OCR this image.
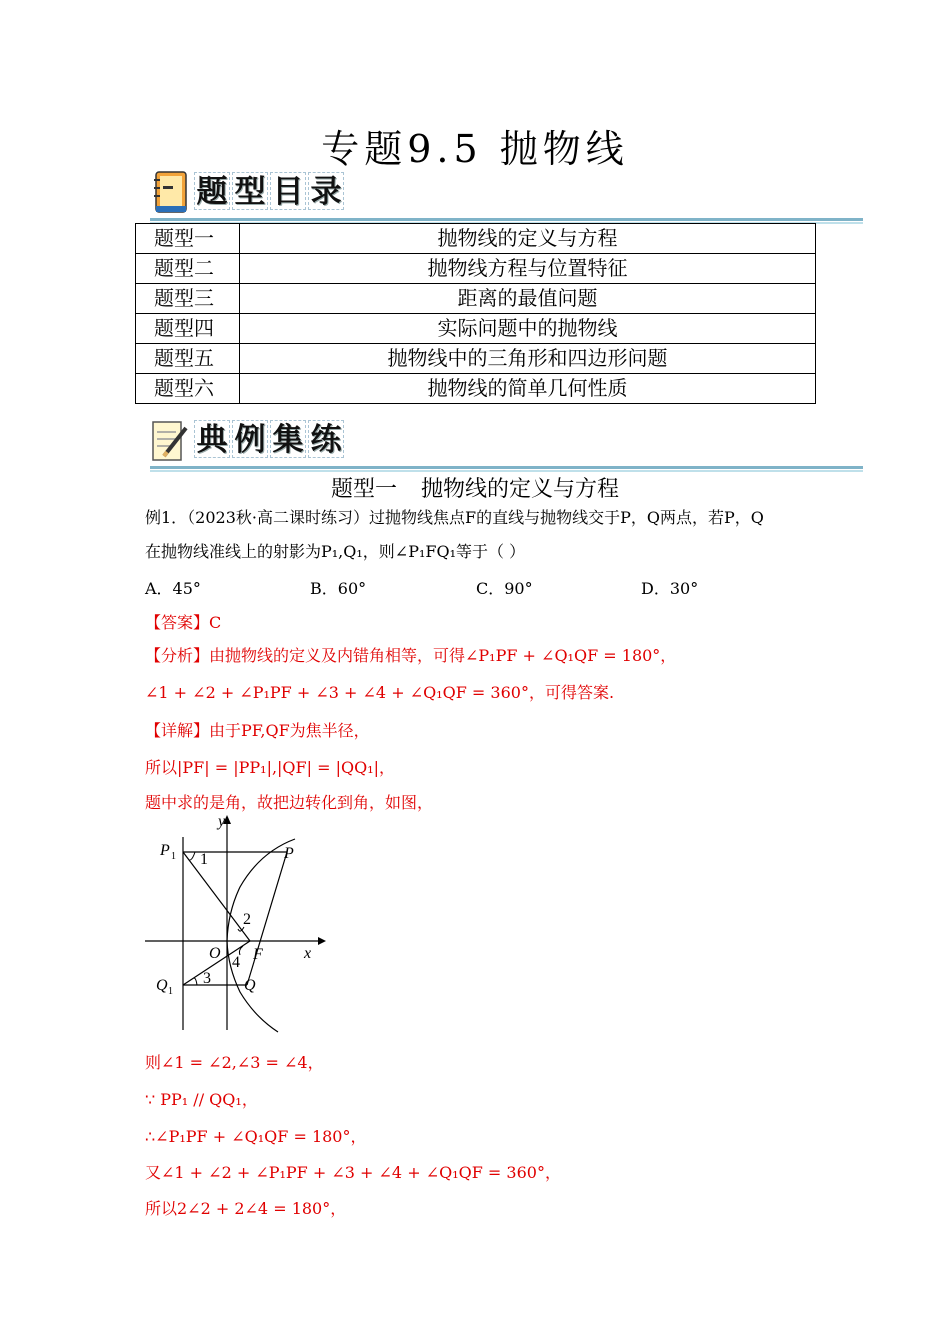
专题9.5 抛物线
题 型 目 录
题型一	抛物线的定义与方程
题型二	抛物线方程与位置特征
题型三	距离的最值问题
题型四	实际问题中的抛物线
题型五	抛物线中的三角形和四边形问题
题型六	抛物线的简单几何性质
典 例 集 练
题型一 抛物线的定义与方程
例1．（2023秋·高二课时练习）过抛物线焦点F的直线与抛物线交于P，Q两点，若P，Q
在抛物线准线上的射影为P₁,Q₁，则∠P₁FQ₁等于（ ）
A．45°	B．60°	C．90°	D．30°
【答案】C
【分析】由抛物线的定义及内错角相等，可得∠P₁PF + ∠Q₁QF = 180°，
∠1 + ∠2 + ∠P₁PF + ∠3 + ∠4 + ∠Q₁QF = 360°，可得答案.
【详解】由于PF,QF为焦半径，
所以|PF| = |PP₁|,|QF| = |QQ₁|，
题中求的是角，故把边转化到角，如图，
y
x
O F
P
P 1
Q
Q 1
1
2
3
4
则∠1 = ∠2,∠3 = ∠4，
∵ PP₁ // QQ₁，
∴∠P₁PF + ∠Q₁QF = 180°，
又∠1 + ∠2 + ∠P₁PF + ∠3 + ∠4 + ∠Q₁QF = 360°，
所以2∠2 + 2∠4 = 180°，
